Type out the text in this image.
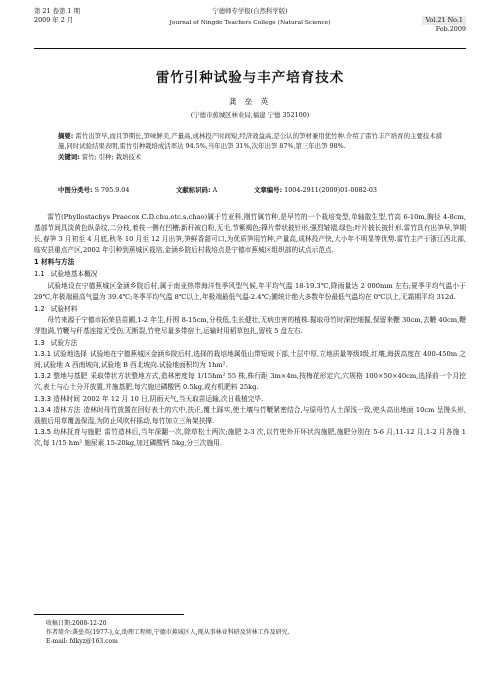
第 21 卷第 1 期
2009 年 2 月
宁德师专学报(自然科学版)
Journal of Ningde Teachers College (Natural Science)	Vol.21 No.1
Feb.2009
雷竹引种试验与丰产培育技术
龚 垒 英
(宁德市蕉城区林业局,福建 宁德 352100)
摘要: 雷竹出笋早,而且笋期长,笋味鲜美,产量高,成林投产时间短,经济效益高,是公认的笋材兼用优竹种.介绍了雷竹丰产培育的主要技术措施,同时试验结果表明,雷竹引种栽培成活率达 94.5%,当年出笋 31%,次年出笋 87%,第三年出笋 98%.
关键词: 雷竹; 引种; 栽培技术
中图分类号: S 795.9.04	文献标识码: A	文章编号: 1004-2911(2009)01-0082-03

雷竹(Phyllostachys Praecox C.D.chu.etc.s.chao)属于竹亚科,刚竹属竹种,是早竹的一个栽培变型,单轴散生型,竹高 6-10m,胸径 4-8cm,基部节间具淡黄色纵条纹,二分枝,着枝一侧有凹槽;新秆被白粉,无毛,节紫褐色;箨片带状披针形,强烈皱褶,绿色;叶片披长披针形.雷竹具有出笋早,笋期长,春笋 3 月初至 4 月底,秋冬 10 月至 12 月出笋,笋鲜香甜可口,为优质笋用竹种,产量高,成林投产快,大小年不明显等优势.雷竹主产于浙江西北部,临安县重点产区,2002 年引种到蕉城区栽培,金涵乡院后村栽培点是宁德市蕉城区组织部的试点示范点.

1 材料与方法

1.1 试验地基本概况

试验地设在宁德蕉城区金涵乡院后村,属于南亚热带海洋性季风型气候,年平均气温 18-19.3℃,降雨量达 2 000mm 左右;夏季平均气温小于 29℃,年极端最高气温为 39.4℃;冬季平均气温 8℃以上,年极端最低气温-2.4℃;圃统计绝大多数年份最低气温均在 0℃以上,无霜期平均 312d.

1.2 试验材料

母竹来源于宁德市拓荣县苗圃,1-2 年生,秆围 8-15cm,分枝低,生长健壮,无病虫害的植株.掘取母竹时深挖细掘,保留来鞭 30cm,去鞭 40cm,鞭芽饱满,竹鞭与秆基连接无受伤,无断裂,竹兜尽量多带宿土,运输时用稻草包扎,留枝 5 盘左右.

1.3 试验方法

1.3.1 试验地选择 试验地在宁德蕉城区金涵乡院后村,选择的栽培地属低山带短坡下部,土层中厚,立地质量等级Ⅰ级,红壤,海拔高度在 400-450m 之间,试验地 A 西南坡向,试验地 B 西北坡向.试验地面积均为 1hm².

1.3.2 整地与基肥 采取带状方状整地方式,造林密度每 1/15hm² 55 株,株行距 3m×4m,按梅花形定穴,穴规格 100×50×40cm,选择前一个月挖穴,表土与心土分开放置,并施基肥,每穴施过磷酸钙 0.5kg,或有机肥料 25kg.

1.3.3 造林时间 2002 年 12 月 10 日,阴雨天气,当天取苗运输,次日栽植完毕.

1.3.4 造林方法 造林时母竹放置在回好表土的穴中,扶正,覆土踩实,使土壤与竹鞭紧密结合,与原母竹人土深浅一致,兜头高出地面 10cm 呈馒头形,栽植后用草覆盖保湿,为防止风吹杆摇动,每竹加立三角架扶撑.

1.3.5 幼林抚育与施肥 雷竹造林后,当年深翻一次,除草松土两次;施肥 2-3 次,以竹兜外开环状沟施肥,施肥分别在 5-6 月,11-12 月,1-2 月各施 1 次,每 1/15 hm² 施尿素 15-20kg,加过磷酸钙 5kg,分三次施用.

收稿日期:2008-12-20
作者简介:龚垒英(1977-),女,助理工程师,宁德市蕉城区人,现从事林业科研及营林工作及研究.
E-mail: fdkyz@163.com
